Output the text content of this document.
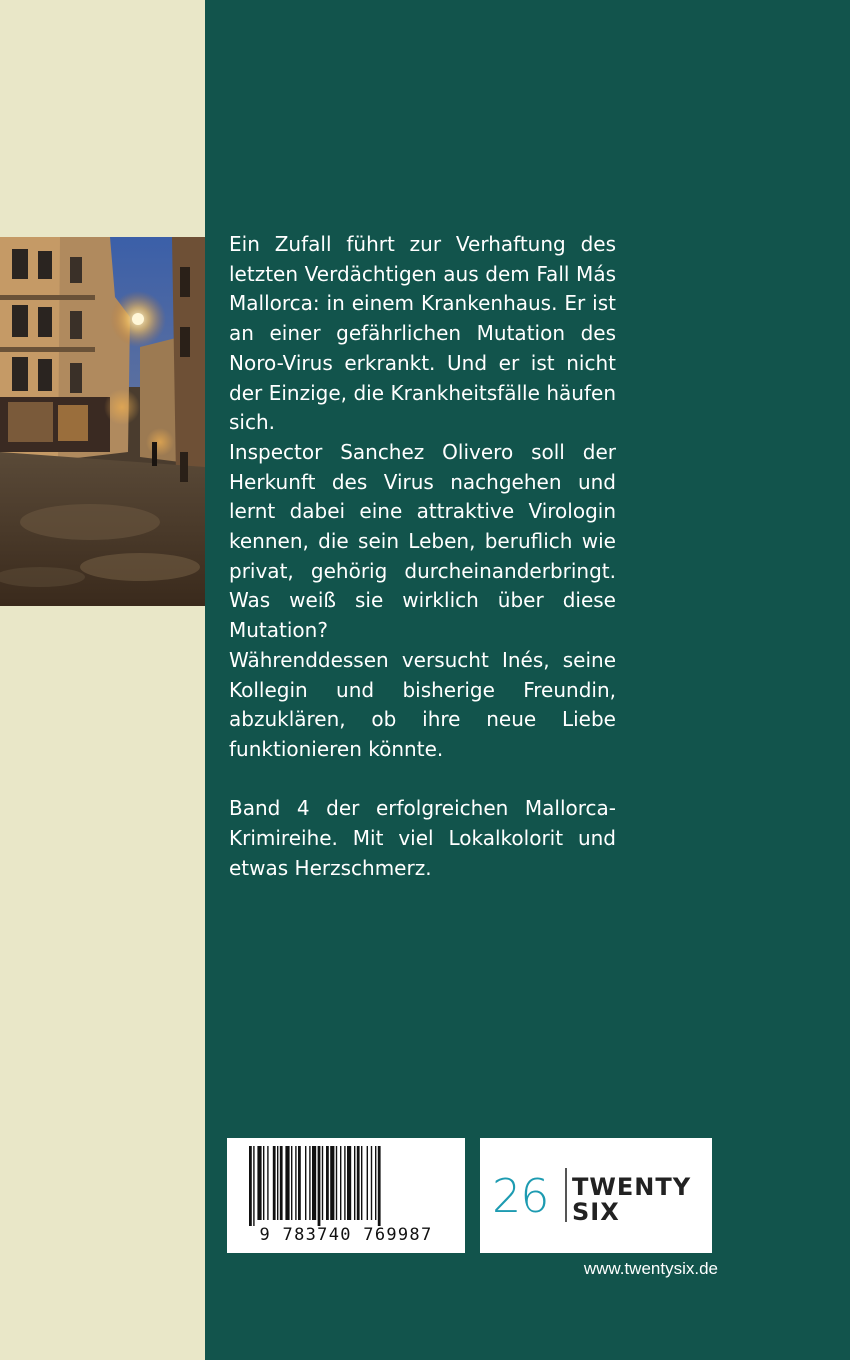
Ein Zufall führt zur Verhaftung des letzten Verdächtigen aus dem Fall Más Mallorca: in einem Krankenhaus. Er ist an einer gefährlichen Mutation des Noro-Virus erkrankt. Und er ist nicht der Einzige, die Krankheitsfälle häufen sich.

Inspector Sanchez Olivero soll der Herkunft des Virus nachgehen und lernt dabei eine attraktive Virologin kennen, die sein Leben, beruflich wie privat, gehörig durcheinanderbringt. Was weiß sie wirklich über diese Mutation?

Währenddessen versucht Inés, seine Kollegin und bisherige Freundin, abzuklären, ob ihre neue Liebe funktionieren könnte.

Band 4 der erfolgreichen Mallorca-Krimireihe. Mit viel Lokalkolorit und etwas Herzschmerz.

9 783740 769987
26 TWENTY
SIX
www.twentysix.de
